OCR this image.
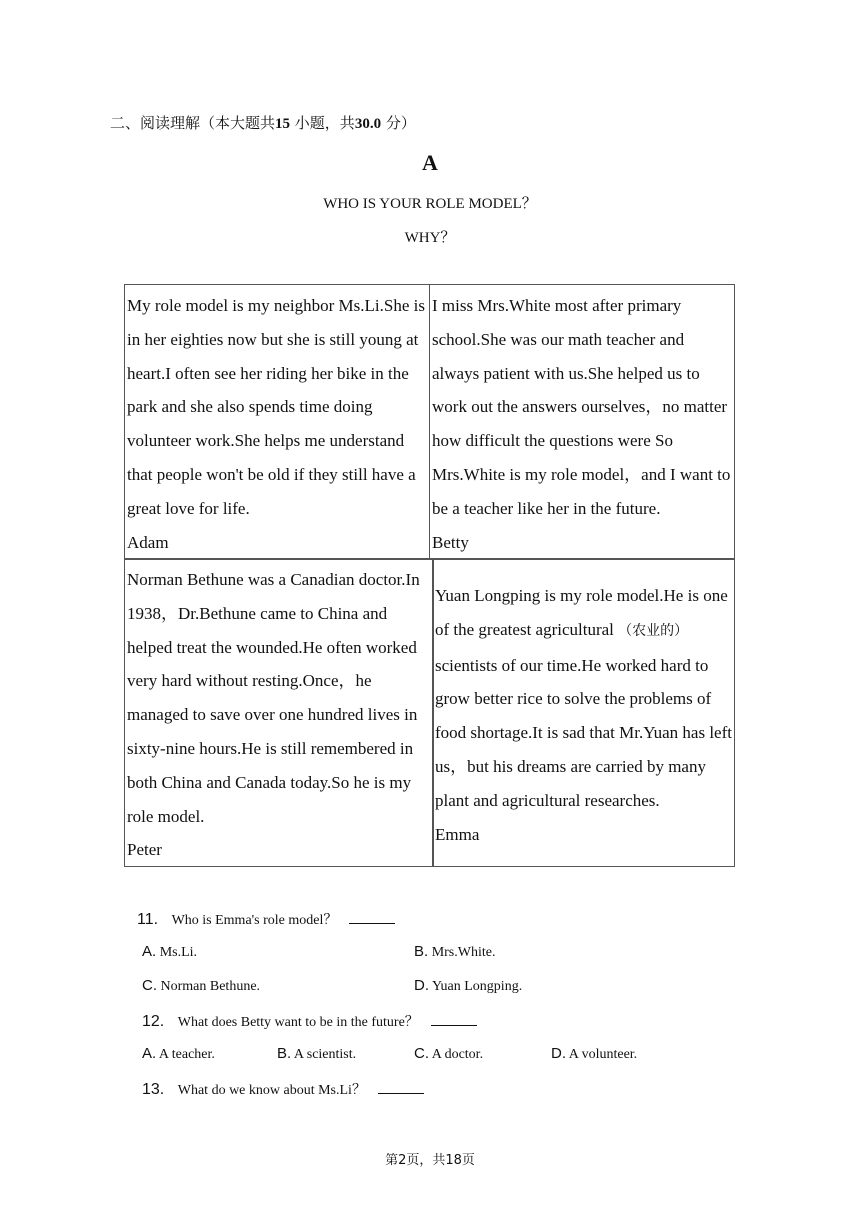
二、阅读理解（本大题共15 小题，共30.0 分）
A
WHO IS YOUR ROLE MODEL？
WHY？

My role model is my neighbor Ms.Li.She is in her eighties now but she is still young at heart.I often see her riding her bike in the park and she also spends time doing volunteer work.She helps me understand that people won't be old if they still have a great love for life.

Adam

I miss Mrs.White most after primary school.She was our math teacher and always patient with us.She helped us to work out the answers ourselves，no matter how difficult the questions were So Mrs.White is my role model，and I want to be a teacher like her in the future.

Betty

Norman Bethune was a Canadian doctor.In 1938，Dr.Bethune came to China and helped treat the wounded.He often worked very hard without resting.Once，he managed to save over one hundred lives in sixty-nine hours.He is still remembered in both China and Canada today.So he is my role model.

Peter

Yuan Longping is my role model.He is one of the greatest agricultural （农业的） scientists of our time.He worked hard to grow better rice to solve the problems of food shortage.It is sad that Mr.Yuan has left us，but his dreams are carried by many plant and agricultural researches.

Emma

11. Who is Emma's role model？
A. Ms.Li.	B. Mrs.White.
C. Norman Bethune.	D. Yuan Longping.
12. What does Betty want to be in the future？
A. A teacher.	B. A scientist.	C. A doctor.	D. A volunteer.
13. What do we know about Ms.Li？
第2页，共18页
